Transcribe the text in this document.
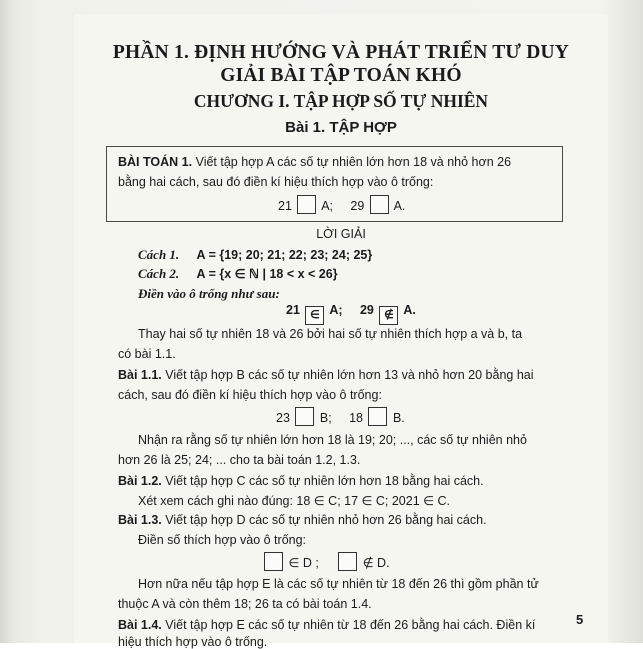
PHẦN 1. ĐỊNH HƯỚNG VÀ PHÁT TRIỂN TƯ DUY
GIẢI BÀI TẬP TOÁN KHÓ
CHƯƠNG I. TẬP HỢP SỐ TỰ NHIÊN
Bài 1. TẬP HỢP
BÀI TOÁN 1. Viết tập hợp A các số tự nhiên lớn hơn 18 và nhỏ hơn 26
bằng hai cách, sau đó điền kí hiệu thích hợp vào ô trống:
21 A; 29 A.
LỜI GIẢI
Cách 1. A = {19; 20; 21; 22; 23; 24; 25}
Cách 2. A = {x ∈ ℕ | 18 < x < 26}
Điền vào ô trống như sau:
21 ∈ A; 29 ∉ A.
Thay hai số tự nhiên 18 và 26 bởi hai số tự nhiên thích hợp a và b, ta
có bài 1.1.
Bài 1.1. Viết tập hợp B các số tự nhiên lớn hơn 13 và nhỏ hơn 20 bằng hai
cách, sau đó điền kí hiệu thích hợp vào ô trống:
23 B; 18 B.
Nhận ra rằng số tự nhiên lớn hơn 18 là 19; 20; ..., các số tự nhiên nhỏ
hơn 26 là 25; 24; ... cho ta bài toán 1.2, 1.3.
Bài 1.2. Viết tập hợp C các số tự nhiên lớn hơn 18 bằng hai cách.
Xét xem cách ghi nào đúng: 18 ∈ C; 17 ∈ C; 2021 ∈ C.
Bài 1.3. Viết tập hợp D các số tự nhiên nhỏ hơn 26 bằng hai cách.
Điền số thích hợp vào ô trống:
∈ D ;	∉ D.
Hơn nữa nếu tập hợp E là các số tự nhiên từ 18 đến 26 thì gồm phần tử
thuộc A và còn thêm 18; 26 ta có bài toán 1.4.
Bài 1.4. Viết tập hợp E các số tự nhiên từ 18 đến 26 bằng hai cách. Điền kí
hiệu thích hợp vào ô trống.
5
